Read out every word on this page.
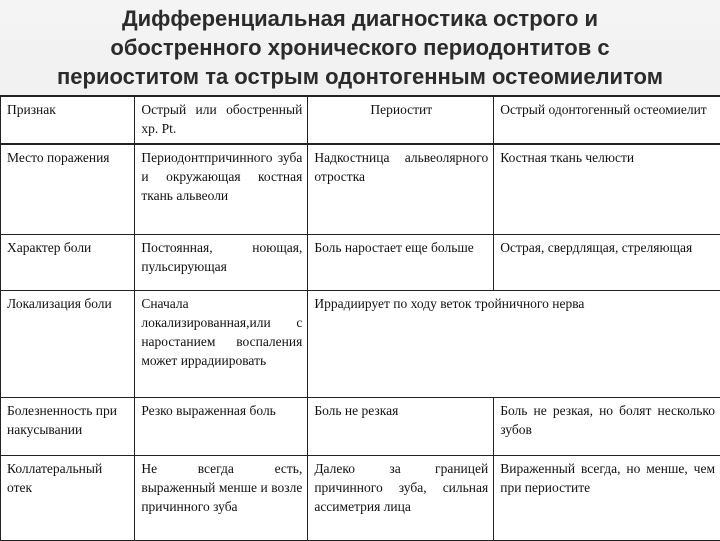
Дифференциальная диагностика острого и
обостренного хронического периодонтитов с
периоститом та острым одонтогенным остеомиелитом
Признак	Острый или обостренный хр. Pt.	Периостит	Острый одонтогенный остеомиелит
Место поражения	Периодонтпричинного зуба и окружающая костная ткань альвеоли	Надкостница альвеолярного отростка	Костная ткань челюсти
Характер боли	Постоянная, ноющая, пульсирующая	Боль наростает еще больше	Острая, свердлящая, стреляющая
Локализация боли	Сначала локализированная,или с наростанием воспаления может иррадиировать	Иррадиирует по ходу веток тройничного нерва	
Болезненность при накусывании	Резко выраженная боль	Боль не резкая	Боль не резкая, но болят несколько зубов
Коллатеральный отек	Не всегда есть, выраженный менше и возле причинного зуба	Далеко за границей причинного зуба, сильная ассиметрия лица	Вираженный всегда, но менше, чем при периостите
